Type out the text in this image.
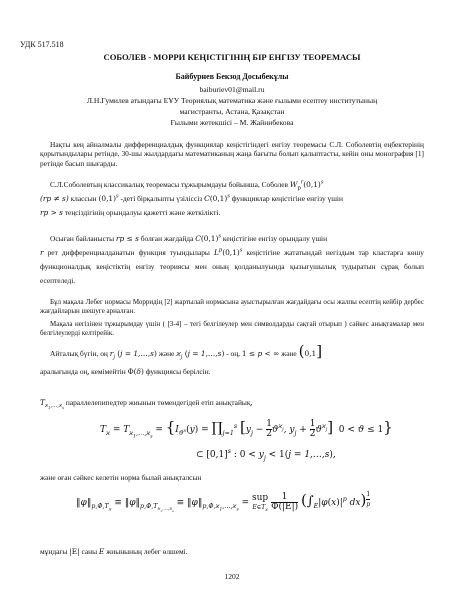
УДК 517.518
СОБОЛЕВ - МОРРИ КЕҢІСТІГІНІҢ БІР ЕНГІЗУ ТЕОРЕМАСЫ
Байбурнев Бекзод Досыбекұлы
baiburiev01@mail.ru
Л.Н.Гумилев атындағы ЕҰУ Теориялық математика және ғылыми есептеу институтының
магистранты, Астана, Қазақстан
Ғылыми жетекшісі – М. Жайнибекова
Нақты кең айналмалы дифференциалдық функциялар кеңістігіндегі енгізу теоремасы С.Л. Соболевтің еңбектерінің қорытындылары ретінде, 30-шы жылдардағы математиканың жаңа бағыты болып қалыптасты, кейін оны монография [1] ретінде басып шығарды.
С.Л.Соболевтың классикалық теоремасы тұжырымдауы бойынша, Соболев $W_p^r(0,1)^s$
(rp ≠ s) классын $(0,1)^s$ -деті бірқалыпты үзіліссіз $C(0,1)^s$ функциялар кеңістігіне енгізу үшін
rp > s теңсіздігінің орындалуы қажетті және жеткілікті.
Осыған байланысты rp ≤ s болған жағдайда $C(0,1)^s$ кеңістігіне енгізу орындалу үшін
r рет дифференциалданатын функция туындылары $L^p(0,1)^s$ кеңістігіне жататындай негіздым тар кластарға көшу функционалдық кеңістіктің енгізу теориясы мен оның қолданылуында қызығушылық тудыратын сұрақ болып есептеледі.
Бұл мақала Лебег нормасы Морридің [2] жартылай нормасына ауыстырылған жағдайдағы осы жалпы есептің кейбір дербес жағдайларын шешуге арналған.
Мақала негізінен тұжырымдау үшін ( [3-4] – тегі белгілеулер мен символдарды сақтай отырып ) сәйкес анықтамалар мен белгілеулерді келтірейік.
Айталық бүгін, оң $r_j$ (j = 1,…,s) және $ϰ_j$ (j = 1,…,s) - оң, 1 ≤ p < ∞ және (0,1]
аралығында оң, кемімейтін Φ(δ) функциясы берілсін.
$T_{ϰ_1,\dots,ϰ_s}$ параллелепипедтер жиынын төмендегідей етіп анықтайық,
$T_ϰ = T_{ϰ_1,\dots,ϰ_s} = \{I_{ϑ^ϰ}(y)$ = $\prod_{j=1}^s$ [$y_j - \frac{1}{2} ϑ^{ϰ_j}$, $y_j + \frac{1}{2} ϑ^{ϰ_j}$]  0 < ϑ ≤ 1}
⊂ $[0,1]^s$ : $0 < y_j < 1(j$ = 1,…,s),
және оған сәйкес келетін норма былай анықталсын
$‖\varphi‖_{p,\Phi,T_ϰ}$ ≡ $‖\varphi‖_{p,\Phi,T_{ϰ_1,\dots,ϰ_s}}$ ≡ $‖\varphi‖_{p,\Phi,ϰ_1,\dots,ϰ_s}$ =
sup
$E\in T_ϰ$
$\frac{1}{\Phi(|E|)} (\int_E|\varphi(x)|^p$ dx) $^{\frac{1}{p}}$
мұндағы |E| саны E жиынының лебег өлшемі.
1202
